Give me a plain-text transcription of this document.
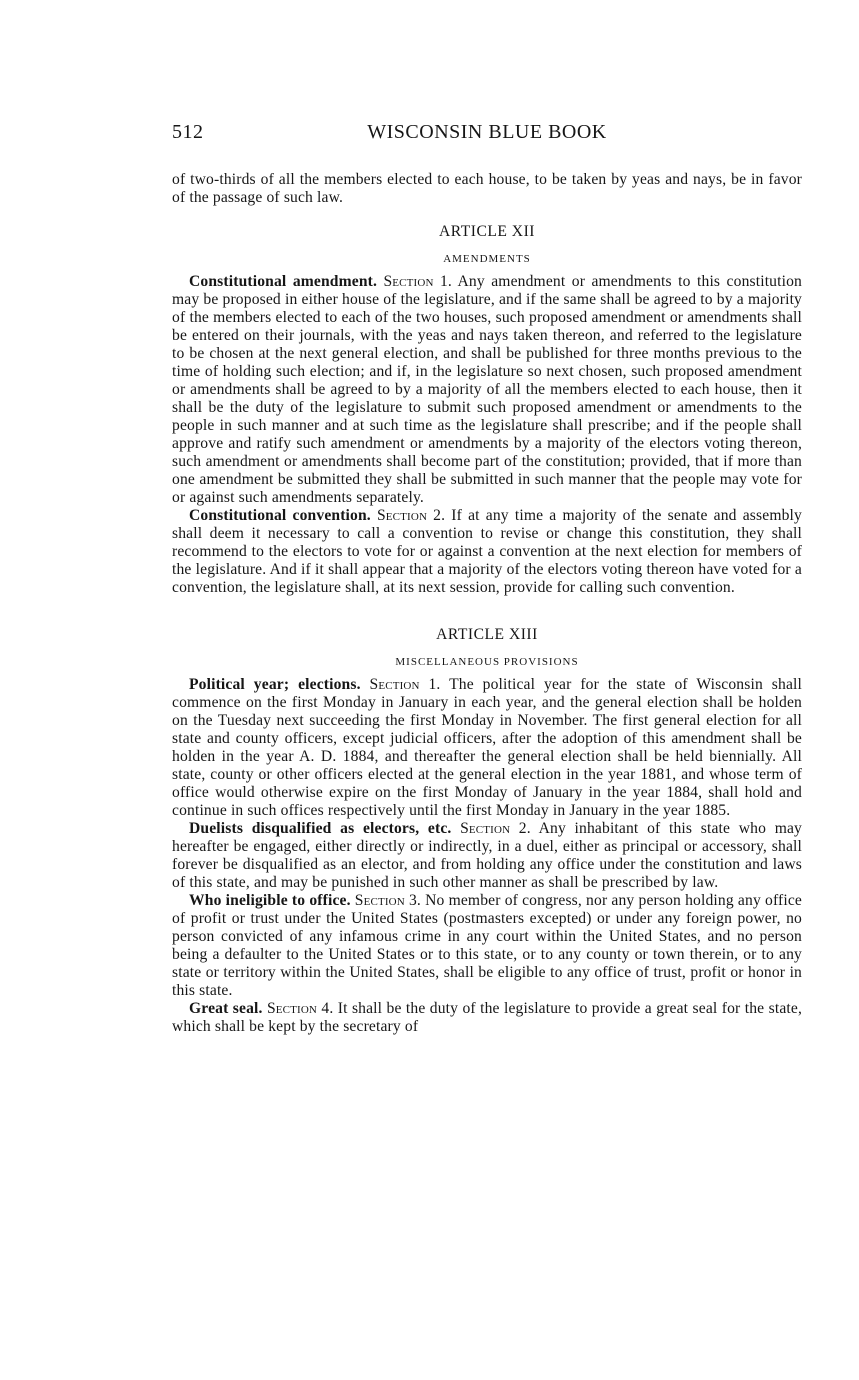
512	WISCONSIN BLUE BOOK

of two-thirds of all the members elected to each house, to be taken by yeas and nays, be in favor of the passage of such law.

ARTICLE XII
AMENDMENTS

Constitutional amendment. Section 1. Any amendment or amendments to this constitution may be proposed in either house of the legislature, and if the same shall be agreed to by a majority of the members elected to each of the two houses, such proposed amendment or amendments shall be entered on their journals, with the yeas and nays taken thereon, and referred to the legislature to be chosen at the next general election, and shall be published for three months previous to the time of holding such election; and if, in the legislature so next chosen, such proposed amendment or amendments shall be agreed to by a majority of all the members elected to each house, then it shall be the duty of the legislature to submit such proposed amendment or amendments to the people in such manner and at such time as the legislature shall prescribe; and if the people shall approve and ratify such amendment or amendments by a majority of the electors voting thereon, such amendment or amendments shall become part of the constitution; provided, that if more than one amendment be submitted they shall be submitted in such manner that the people may vote for or against such amendments separately.

Constitutional convention. Section 2. If at any time a majority of the senate and assembly shall deem it necessary to call a convention to revise or change this constitution, they shall recommend to the electors to vote for or against a convention at the next election for members of the legislature. And if it shall appear that a majority of the electors voting thereon have voted for a convention, the legislature shall, at its next session, provide for calling such convention.

ARTICLE XIII
MISCELLANEOUS PROVISIONS

Political year; elections. Section 1. The political year for the state of Wisconsin shall commence on the first Monday in January in each year, and the general election shall be holden on the Tuesday next succeeding the first Monday in November. The first general election for all state and county officers, except judicial officers, after the adoption of this amendment shall be holden in the year A. D. 1884, and thereafter the general election shall be held biennially. All state, county or other officers elected at the general election in the year 1881, and whose term of office would otherwise expire on the first Monday of January in the year 1884, shall hold and continue in such offices respectively until the first Monday in January in the year 1885.

Duelists disqualified as electors, etc. Section 2. Any inhabitant of this state who may hereafter be engaged, either directly or indirectly, in a duel, either as principal or accessory, shall forever be disqualified as an elector, and from holding any office under the constitution and laws of this state, and may be punished in such other manner as shall be prescribed by law.

Who ineligible to office. Section 3. No member of congress, nor any person holding any office of profit or trust under the United States (postmasters excepted) or under any foreign power, no person convicted of any infamous crime in any court within the United States, and no person being a defaulter to the United States or to this state, or to any county or town therein, or to any state or territory within the United States, shall be eligible to any office of trust, profit or honor in this state.

Great seal. Section 4. It shall be the duty of the legislature to provide a great seal for the state, which shall be kept by the secretary of
